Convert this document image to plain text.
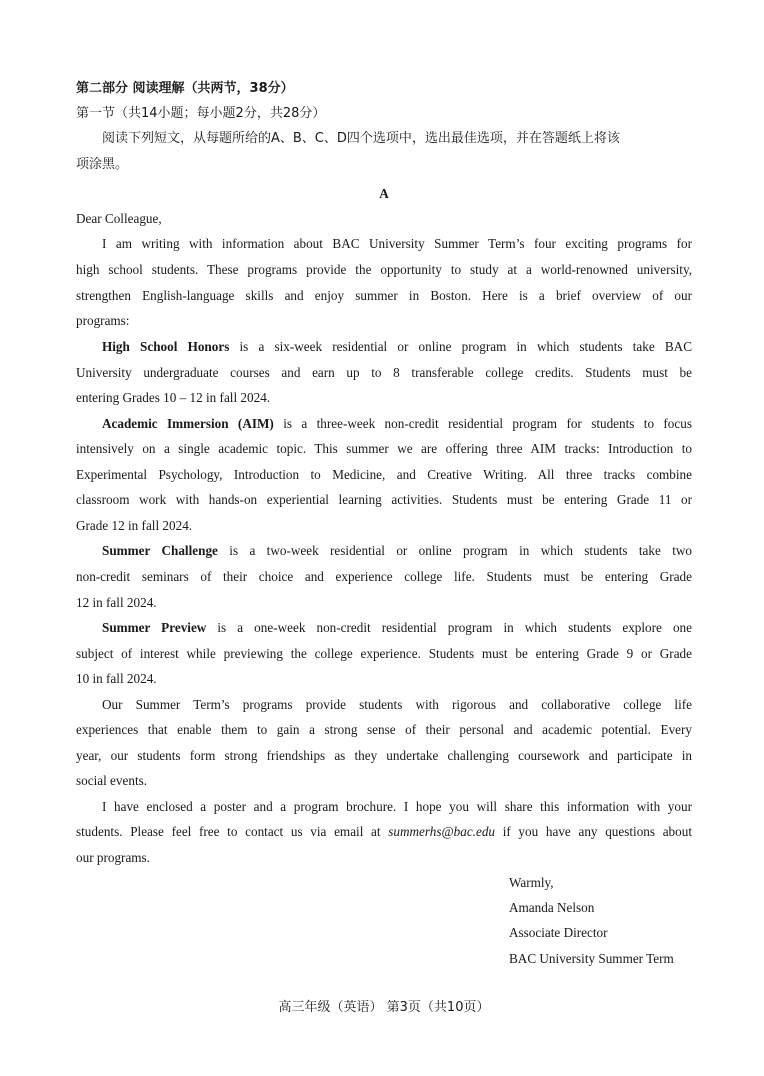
第二部分 阅读理解（共两节，38分）
第一节（共14小题；每小题2分，共28分）
阅读下列短文，从每题所给的A、B、C、D四个选项中，选出最佳选项，并在答题纸上将该
项涂黑。
A
Dear Colleague,
I am writing with information about BAC University Summer Term’s four exciting programs for
high school students. These programs provide the opportunity to study at a world-renowned university,
strengthen English-language skills and enjoy summer in Boston. Here is a brief overview of our
programs:
High School Honors is a six-week residential or online program in which students take BAC
University undergraduate courses and earn up to 8 transferable college credits. Students must be
entering Grades 10 – 12 in fall 2024.
Academic Immersion (AIM) is a three-week non-credit residential program for students to focus
intensively on a single academic topic. This summer we are offering three AIM tracks: Introduction to
Experimental Psychology, Introduction to Medicine, and Creative Writing. All three tracks combine
classroom work with hands-on experiential learning activities. Students must be entering Grade 11 or
Grade 12 in fall 2024.
Summer Challenge is a two-week residential or online program in which students take two
non-credit seminars of their choice and experience college life. Students must be entering Grade
12 in fall 2024.
Summer Preview is a one-week non-credit residential program in which students explore one
subject of interest while previewing the college experience. Students must be entering Grade 9 or Grade
10 in fall 2024.
Our Summer Term’s programs provide students with rigorous and collaborative college life
experiences that enable them to gain a strong sense of their personal and academic potential. Every
year, our students form strong friendships as they undertake challenging coursework and participate in
social events.
I have enclosed a poster and a program brochure. I hope you will share this information with your
students. Please feel free to contact us via email at summerhs@bac.edu if you have any questions about
our programs.
Warmly,
Amanda Nelson
Associate Director
BAC University Summer Term
高三年级（英语） 第3页（共10页）
